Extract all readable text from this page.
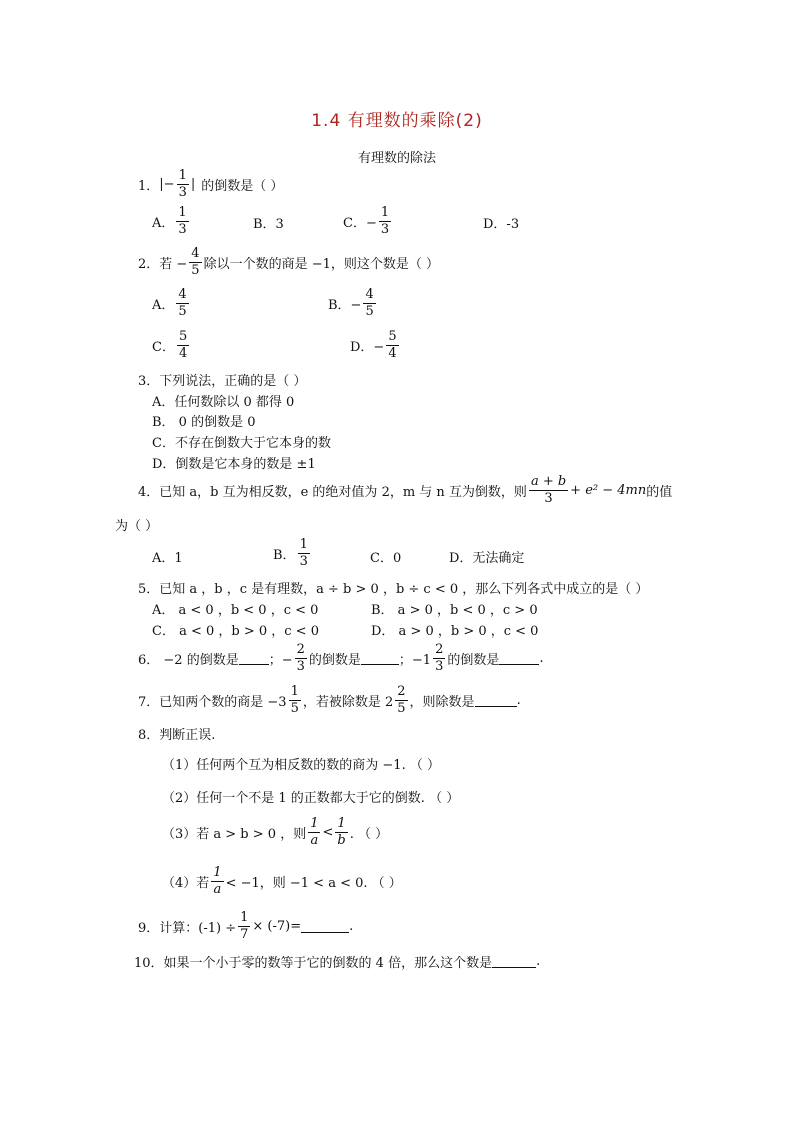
1.4 有理数的乘除(2)
有理数的除法
1． |− $\frac{1}{3}$ | 的倒数是（ ）
A． $\frac{1}{3}$	B．3	C．− $\frac{1}{3}$	D．-3
2．若 − $\frac{4}{5}$ 除以一个数的商是 −1，则这个数是（ ）
A． $\frac{4}{5}$	B．− $\frac{4}{5}$
C． $\frac{5}{4}$	D．− $\frac{5}{4}$
3．下列说法，正确的是（ ）
A．任何数除以 0 都得 0
B． 0 的倒数是 0
C．不存在倒数大于它本身的数
D．倒数是它本身的数是 ±1
4．已知 a，b 互为相反数，e 的绝对值为 2，m 与 n 互为倒数，则 $\frac{a + b}{3} + e^2 - 4mn$ 的值
为（ ）
A．1	B． $\frac{1}{3}$	C．0	D．无法确定
5．已知 a ，b ，c 是有理数，a ÷ b > 0 ，b ÷ c < 0 ，那么下列各式中成立的是（ ）
A． a < 0 ，b < 0 ，c < 0	B． a > 0 ，b < 0 ，c > 0
C． a < 0 ，b > 0 ，c < 0	D． a > 0 ，b > 0 ，c < 0
6． −2 的倒数是 ；− $\frac{2}{3}$ 的倒数是	；$-1 \frac{2}{3}$ 的倒数是	.
7．已知两个数的商是 $-3 \frac{1}{5}$ ，若被除数是 $2 \frac{2}{5}$ ，则除数是	.
8．判断正误.
（1）任何两个互为相反数的数的商为 −1. （ ）
（2）任何一个不是 1 的正数都大于它的倒数. （ ）
（3）若 a > b > 0 ，则 $\frac{1}{a} < \frac{1}{b}$ . （ ）
（4）若 $\frac{1}{a} < -1$，则 −1 < a < 0. （ ）
9．计算：$(-1) \div \frac{1}{7} \times (-7)=$	.
10．如果一个小于零的数等于它的倒数的 4 倍，那么这个数是	.
